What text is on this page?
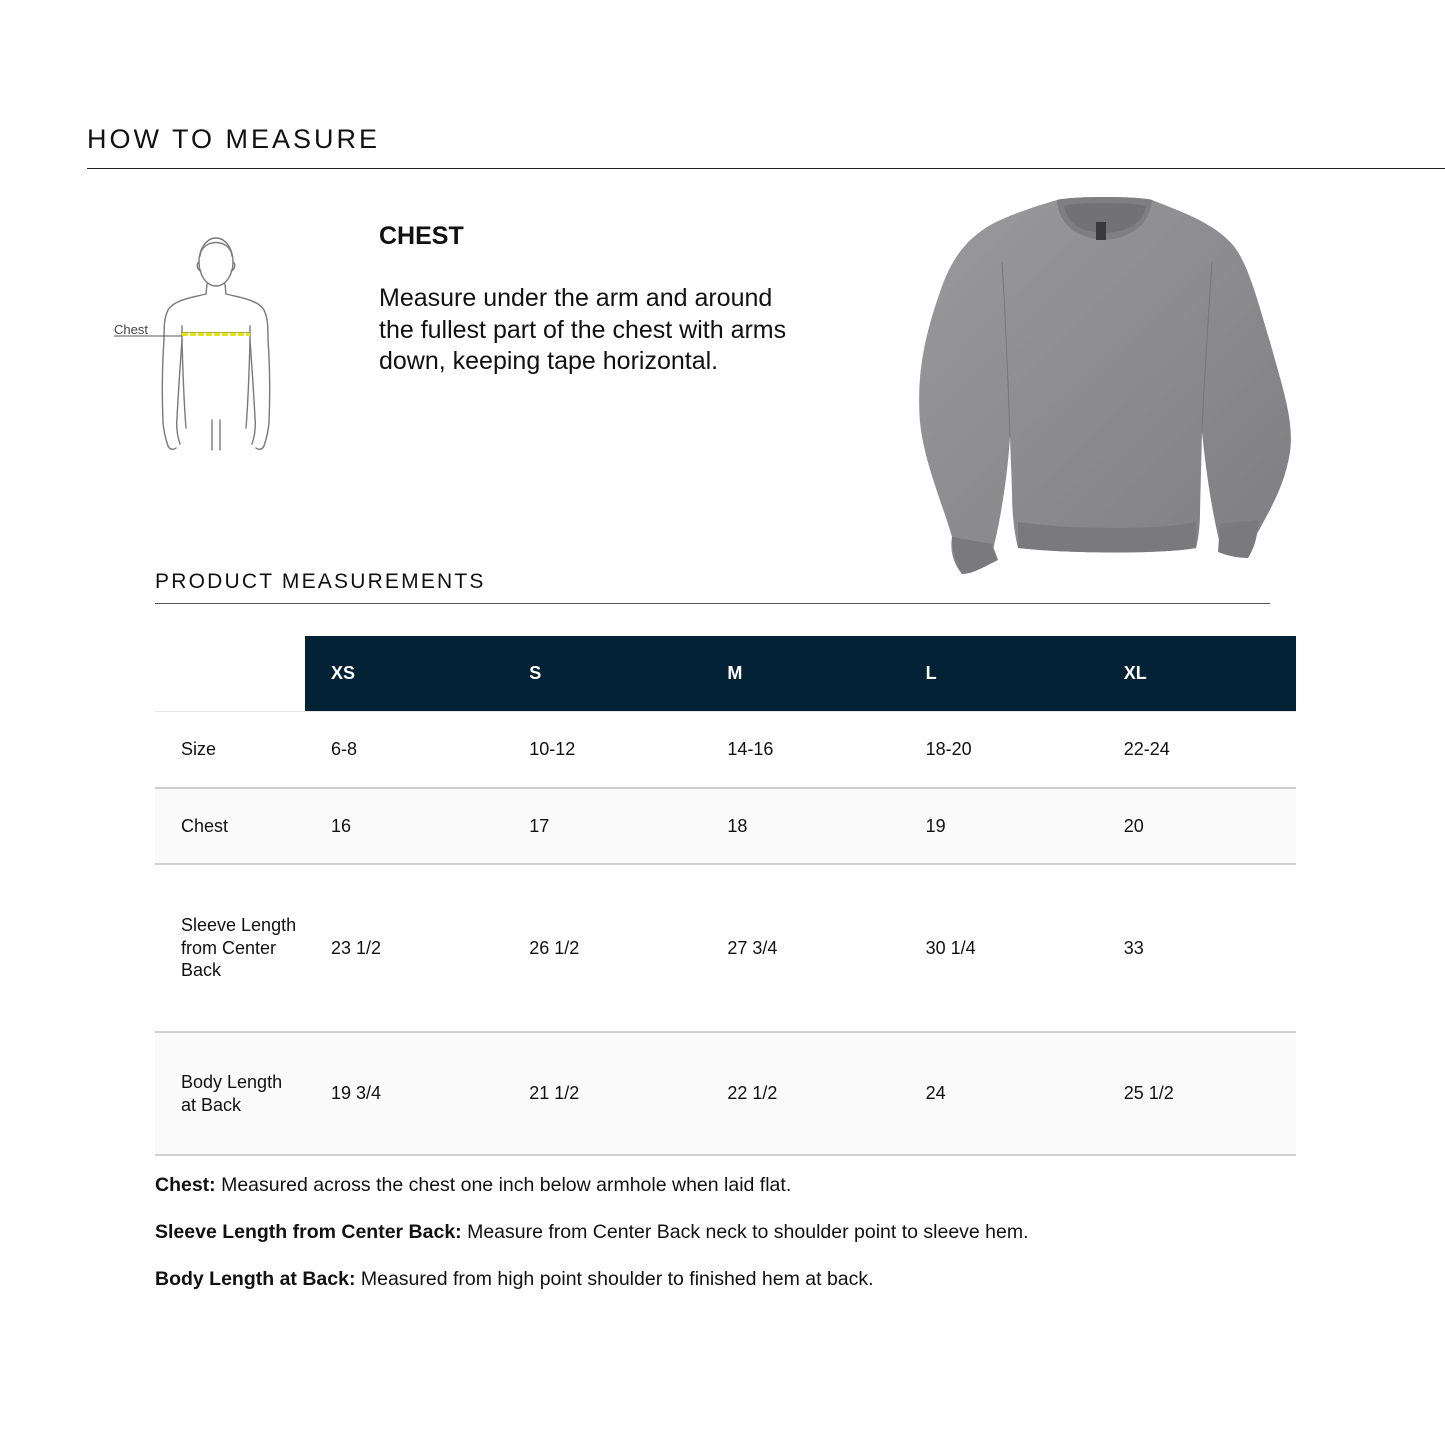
HOW TO MEASURE
Chest
CHEST

Measure under the arm and around the fullest part of the chest with arms down, keeping tape horizontal.

PRODUCT MEASUREMENTS
	XS	S	M	L	XL
Size	6-8	10-12	14-16	18-20	22-24
Chest	16	17	18	19	20
Sleeve Length from Center Back	23 1/2	26 1/2	27 3/4	30 1/4	33
Body Length at Back	19 3/4	21 1/2	22 1/2	24	25 1/2

Chest: Measured across the chest one inch below armhole when laid flat.

Sleeve Length from Center Back: Measure from Center Back neck to shoulder point to sleeve hem.

Body Length at Back: Measured from high point shoulder to finished hem at back.
